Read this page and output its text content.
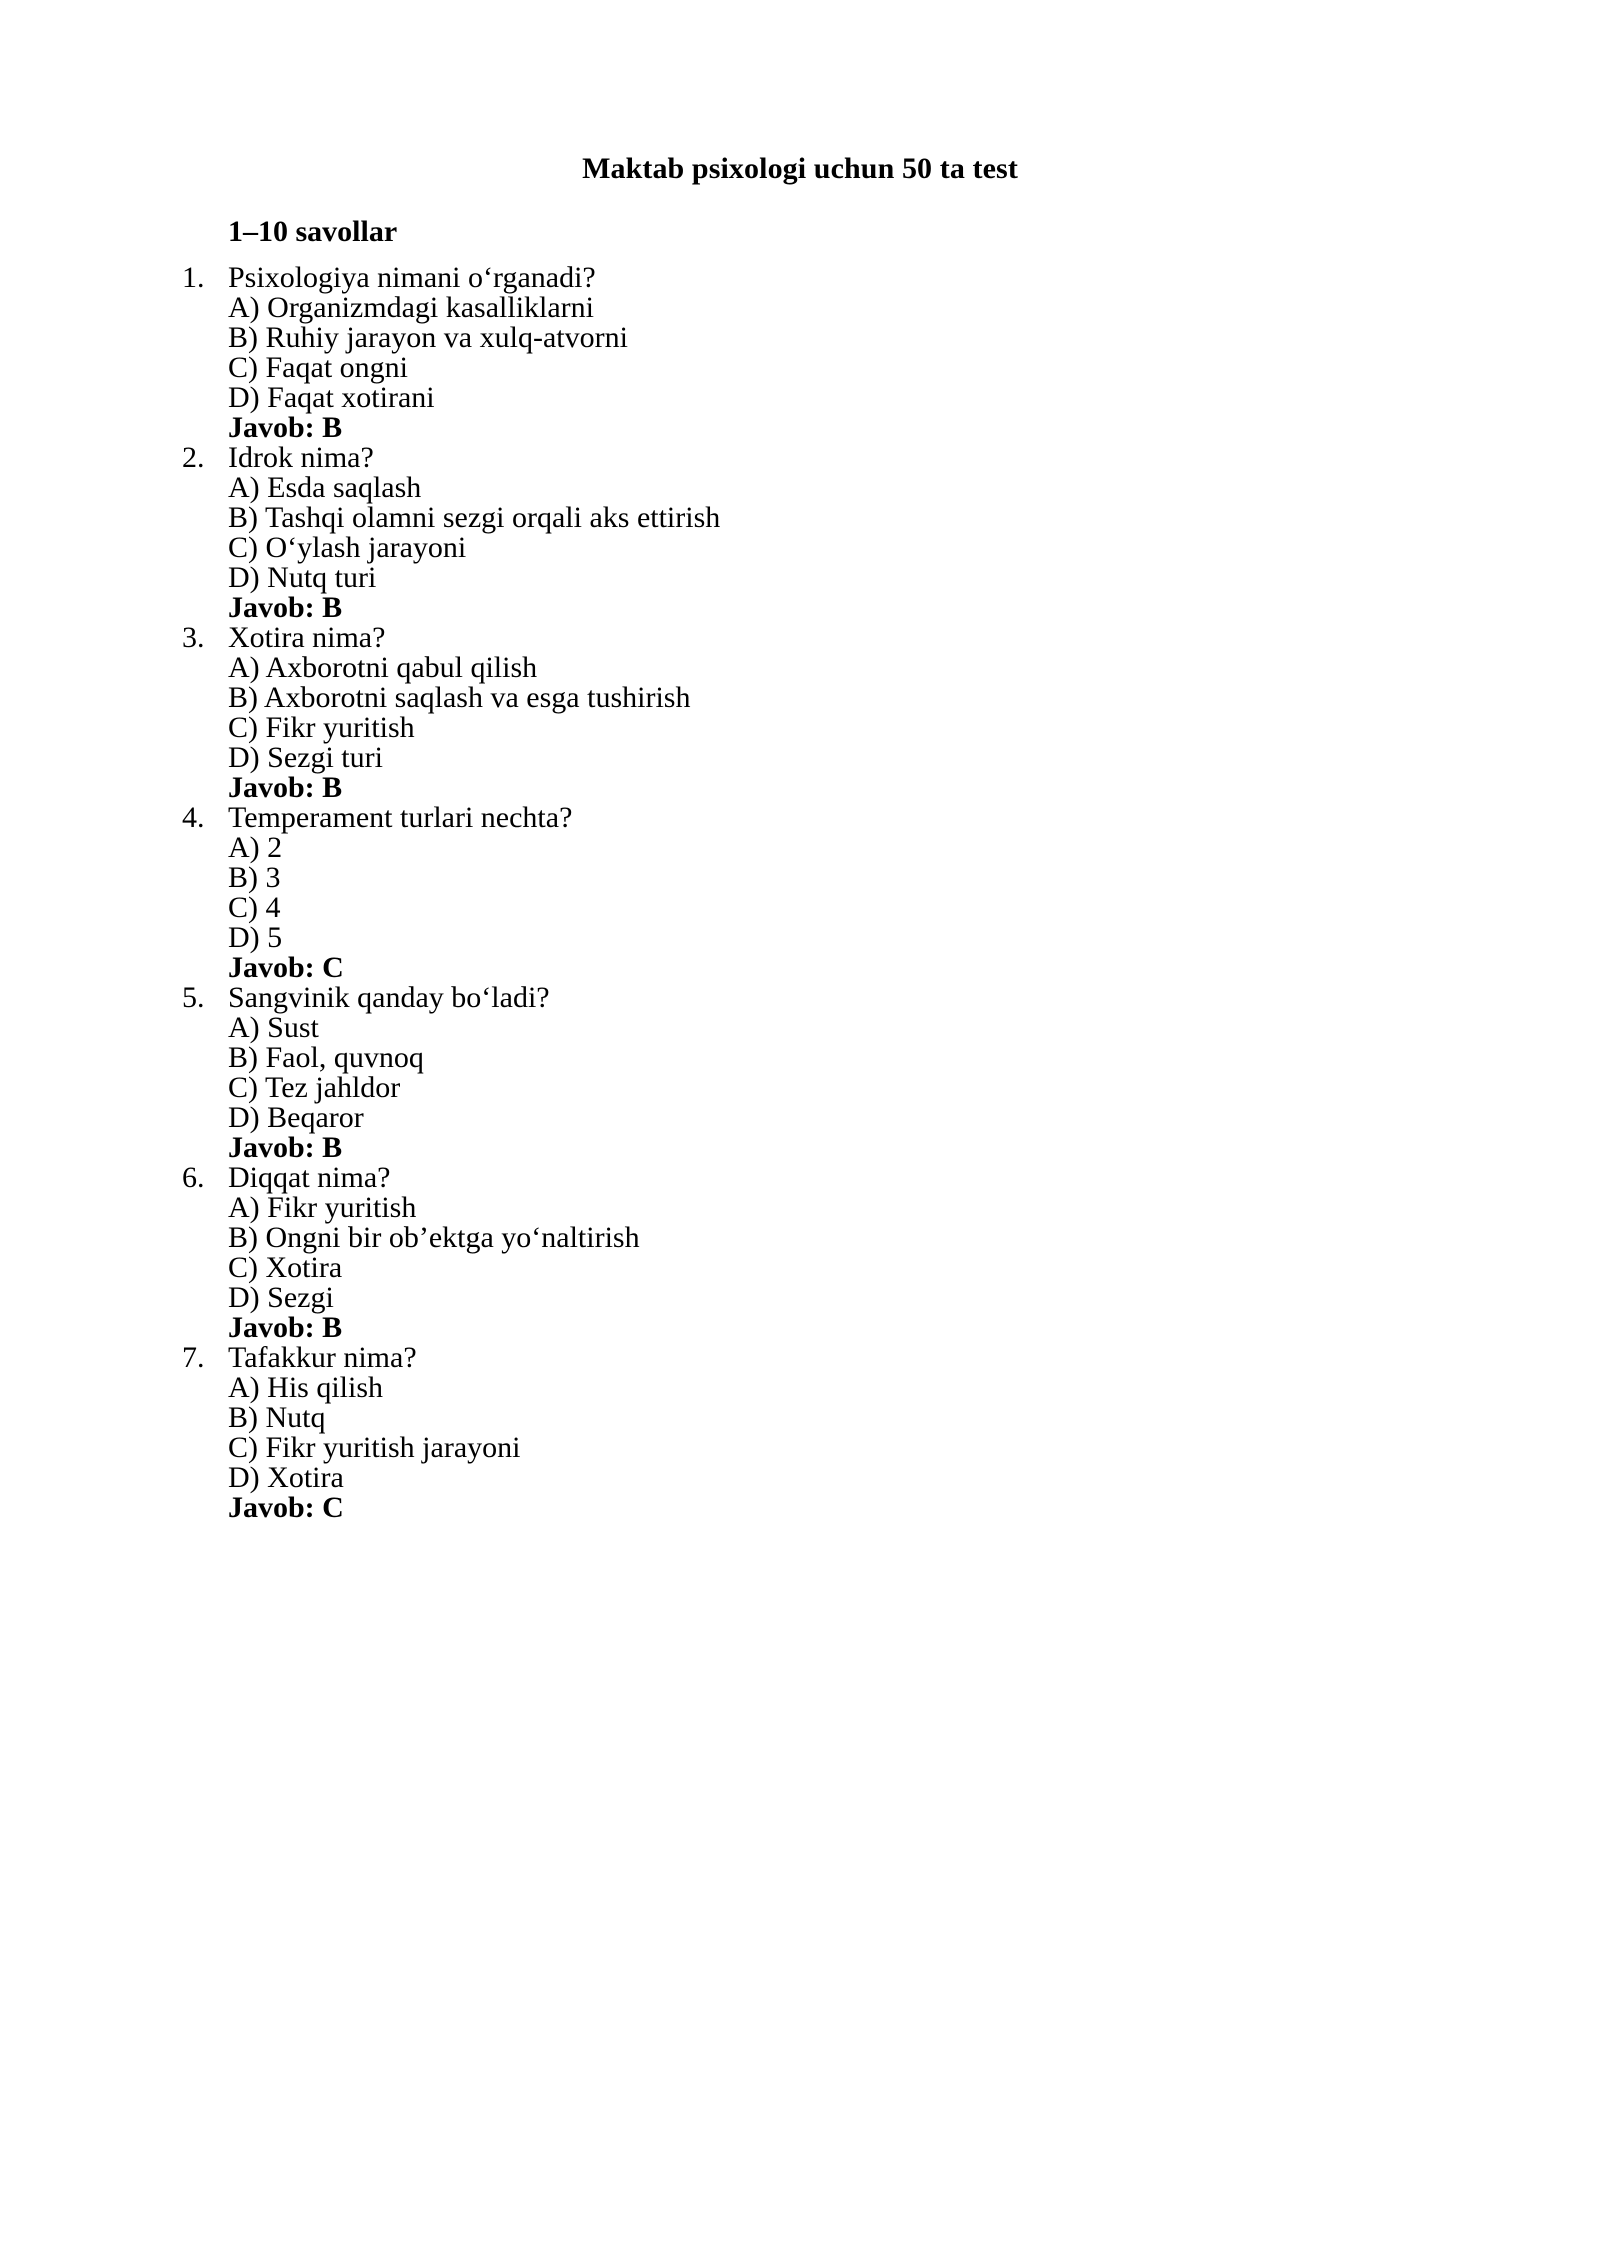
Maktab psixologi uchun 50 ta test
1–10 savollar
1. Psixologiya nimani oʻrganadi?
A) Organizmdagi kasalliklarni
B) Ruhiy jarayon va xulq-atvorni
C) Faqat ongni
D) Faqat xotirani
Javob: B
2. Idrok nima?
A) Esda saqlash
B) Tashqi olamni sezgi orqali aks ettirish
C) Oʻylash jarayoni
D) Nutq turi
Javob: B
3. Xotira nima?
A) Axborotni qabul qilish
B) Axborotni saqlash va esga tushirish
C) Fikr yuritish
D) Sezgi turi
Javob: B
4. Temperament turlari nechta?
A) 2
B) 3
C) 4
D) 5
Javob: C
5. Sangvinik qanday boʻladi?
A) Sust
B) Faol, quvnoq
C) Tez jahldor
D) Beqaror
Javob: B
6. Diqqat nima?
A) Fikr yuritish
B) Ongni bir ob’ektga yoʻnaltirish
C) Xotira
D) Sezgi
Javob: B
7. Tafakkur nima?
A) His qilish
B) Nutq
C) Fikr yuritish jarayoni
D) Xotira
Javob: C
